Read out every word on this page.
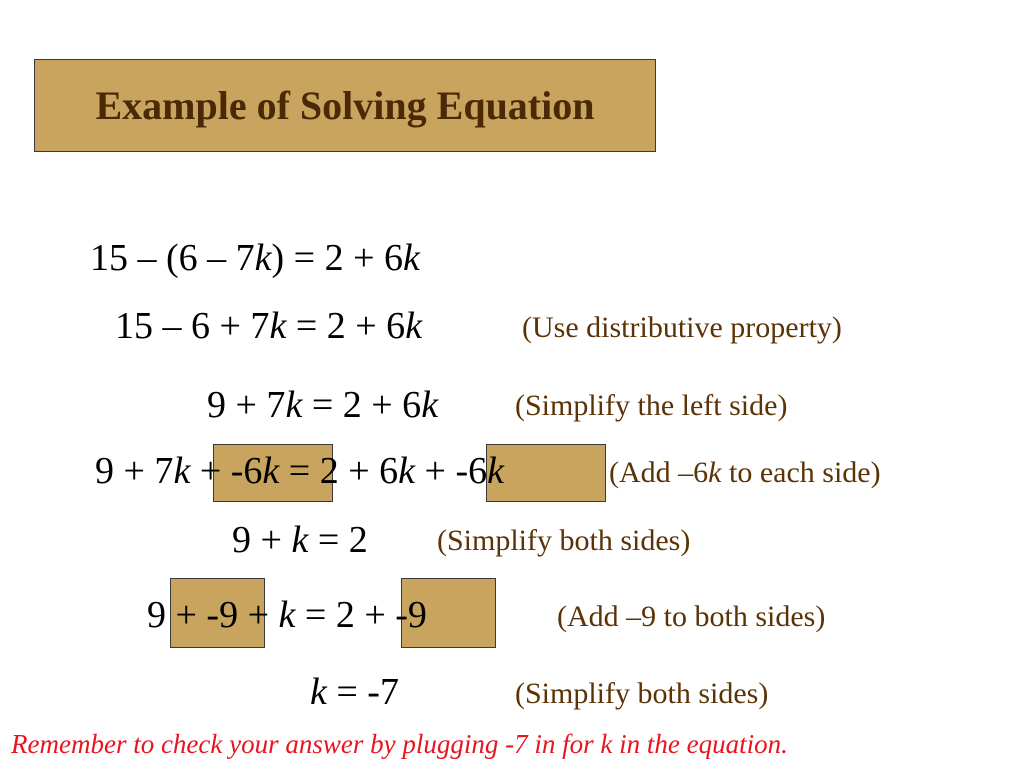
Example of Solving Equation
15 – (6 – 7k) = 2 + 6k
15 – 6 + 7k = 2 + 6k	(Use distributive property)
9 + 7k = 2 + 6k	(Simplify the left side)
9 + 7k + -6k = 2 + 6k + -6k	(Add –6k to each side)
9 + k = 2 (Simplify both sides)
9 + -9 + k = 2 + -9	(Add –9 to both sides)
k = -7	(Simplify both sides)
Remember to check your answer by plugging -7 in for k in the equation.
